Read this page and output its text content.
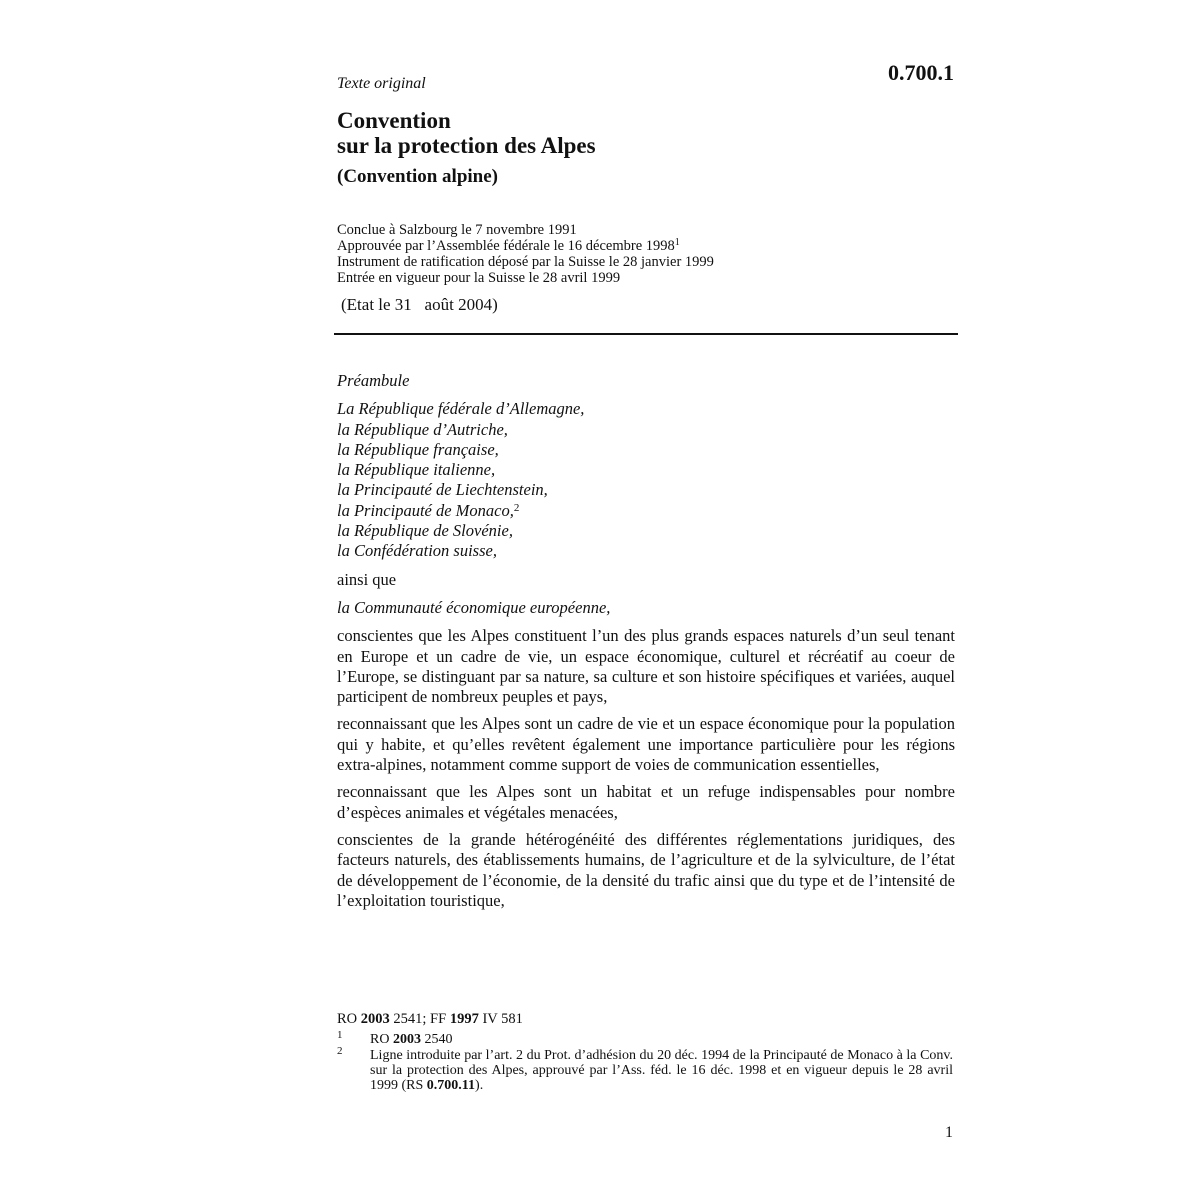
0.700.1
Texte original
Convention
sur la protection des Alpes
(Convention alpine)
Conclue à Salzbourg le 7 novembre 1991
Approuvée par l’Assemblée fédérale le 16 décembre 1998$^1$
Instrument de ratification déposé par la Suisse le 28 janvier 1999
Entrée en vigueur pour la Suisse le 28 avril 1999
(Etat le 31   août 2004)
Préambule
La République fédérale d’Allemagne,
la République d’Autriche,
la République française,
la République italienne,
la Principauté de Liechtenstein,
la Principauté de Monaco,$^2$
la République de Slovénie,
la Confédération suisse,
ainsi que
la Communauté économique européenne,
conscientes que les Alpes constituent l’un des plus grands espaces naturels d’un seul tenant en Europe et un cadre de vie, un espace économique, culturel et récréatif au coeur de l’Europe, se distinguant par sa nature, sa culture et son histoire spécifiques et variées, auquel participent de nombreux peuples et pays,
reconnaissant que les Alpes sont un cadre de vie et un espace économique pour la population qui y habite, et qu’elles revêtent également une importance particulière pour les régions extra-alpines, notamment comme support de voies de communication essentielles,
reconnaissant que les Alpes sont un habitat et un refuge indispensables pour nombre d’espèces animales et végétales menacées,
conscientes de la grande hétérogénéité des différentes réglementations juridiques, des facteurs naturels, des établissements humains, de l’agriculture et de la sylviculture, de l’état de développement de l’économie, de la densité du trafic ainsi que du type et de l’intensité de l’exploitation touristique,
RO 2003 2541; FF 1997 IV 581
1 RO 2003 2540
2 Ligne introduite par l’art. 2 du Prot. d’adhésion du 20 déc. 1994 de la Principauté de Monaco à la Conv. sur la protection des Alpes, approuvé par l’Ass. féd. le 16 déc. 1998 et en vigueur depuis le 28 avril 1999 (RS 0.700.11).
1
